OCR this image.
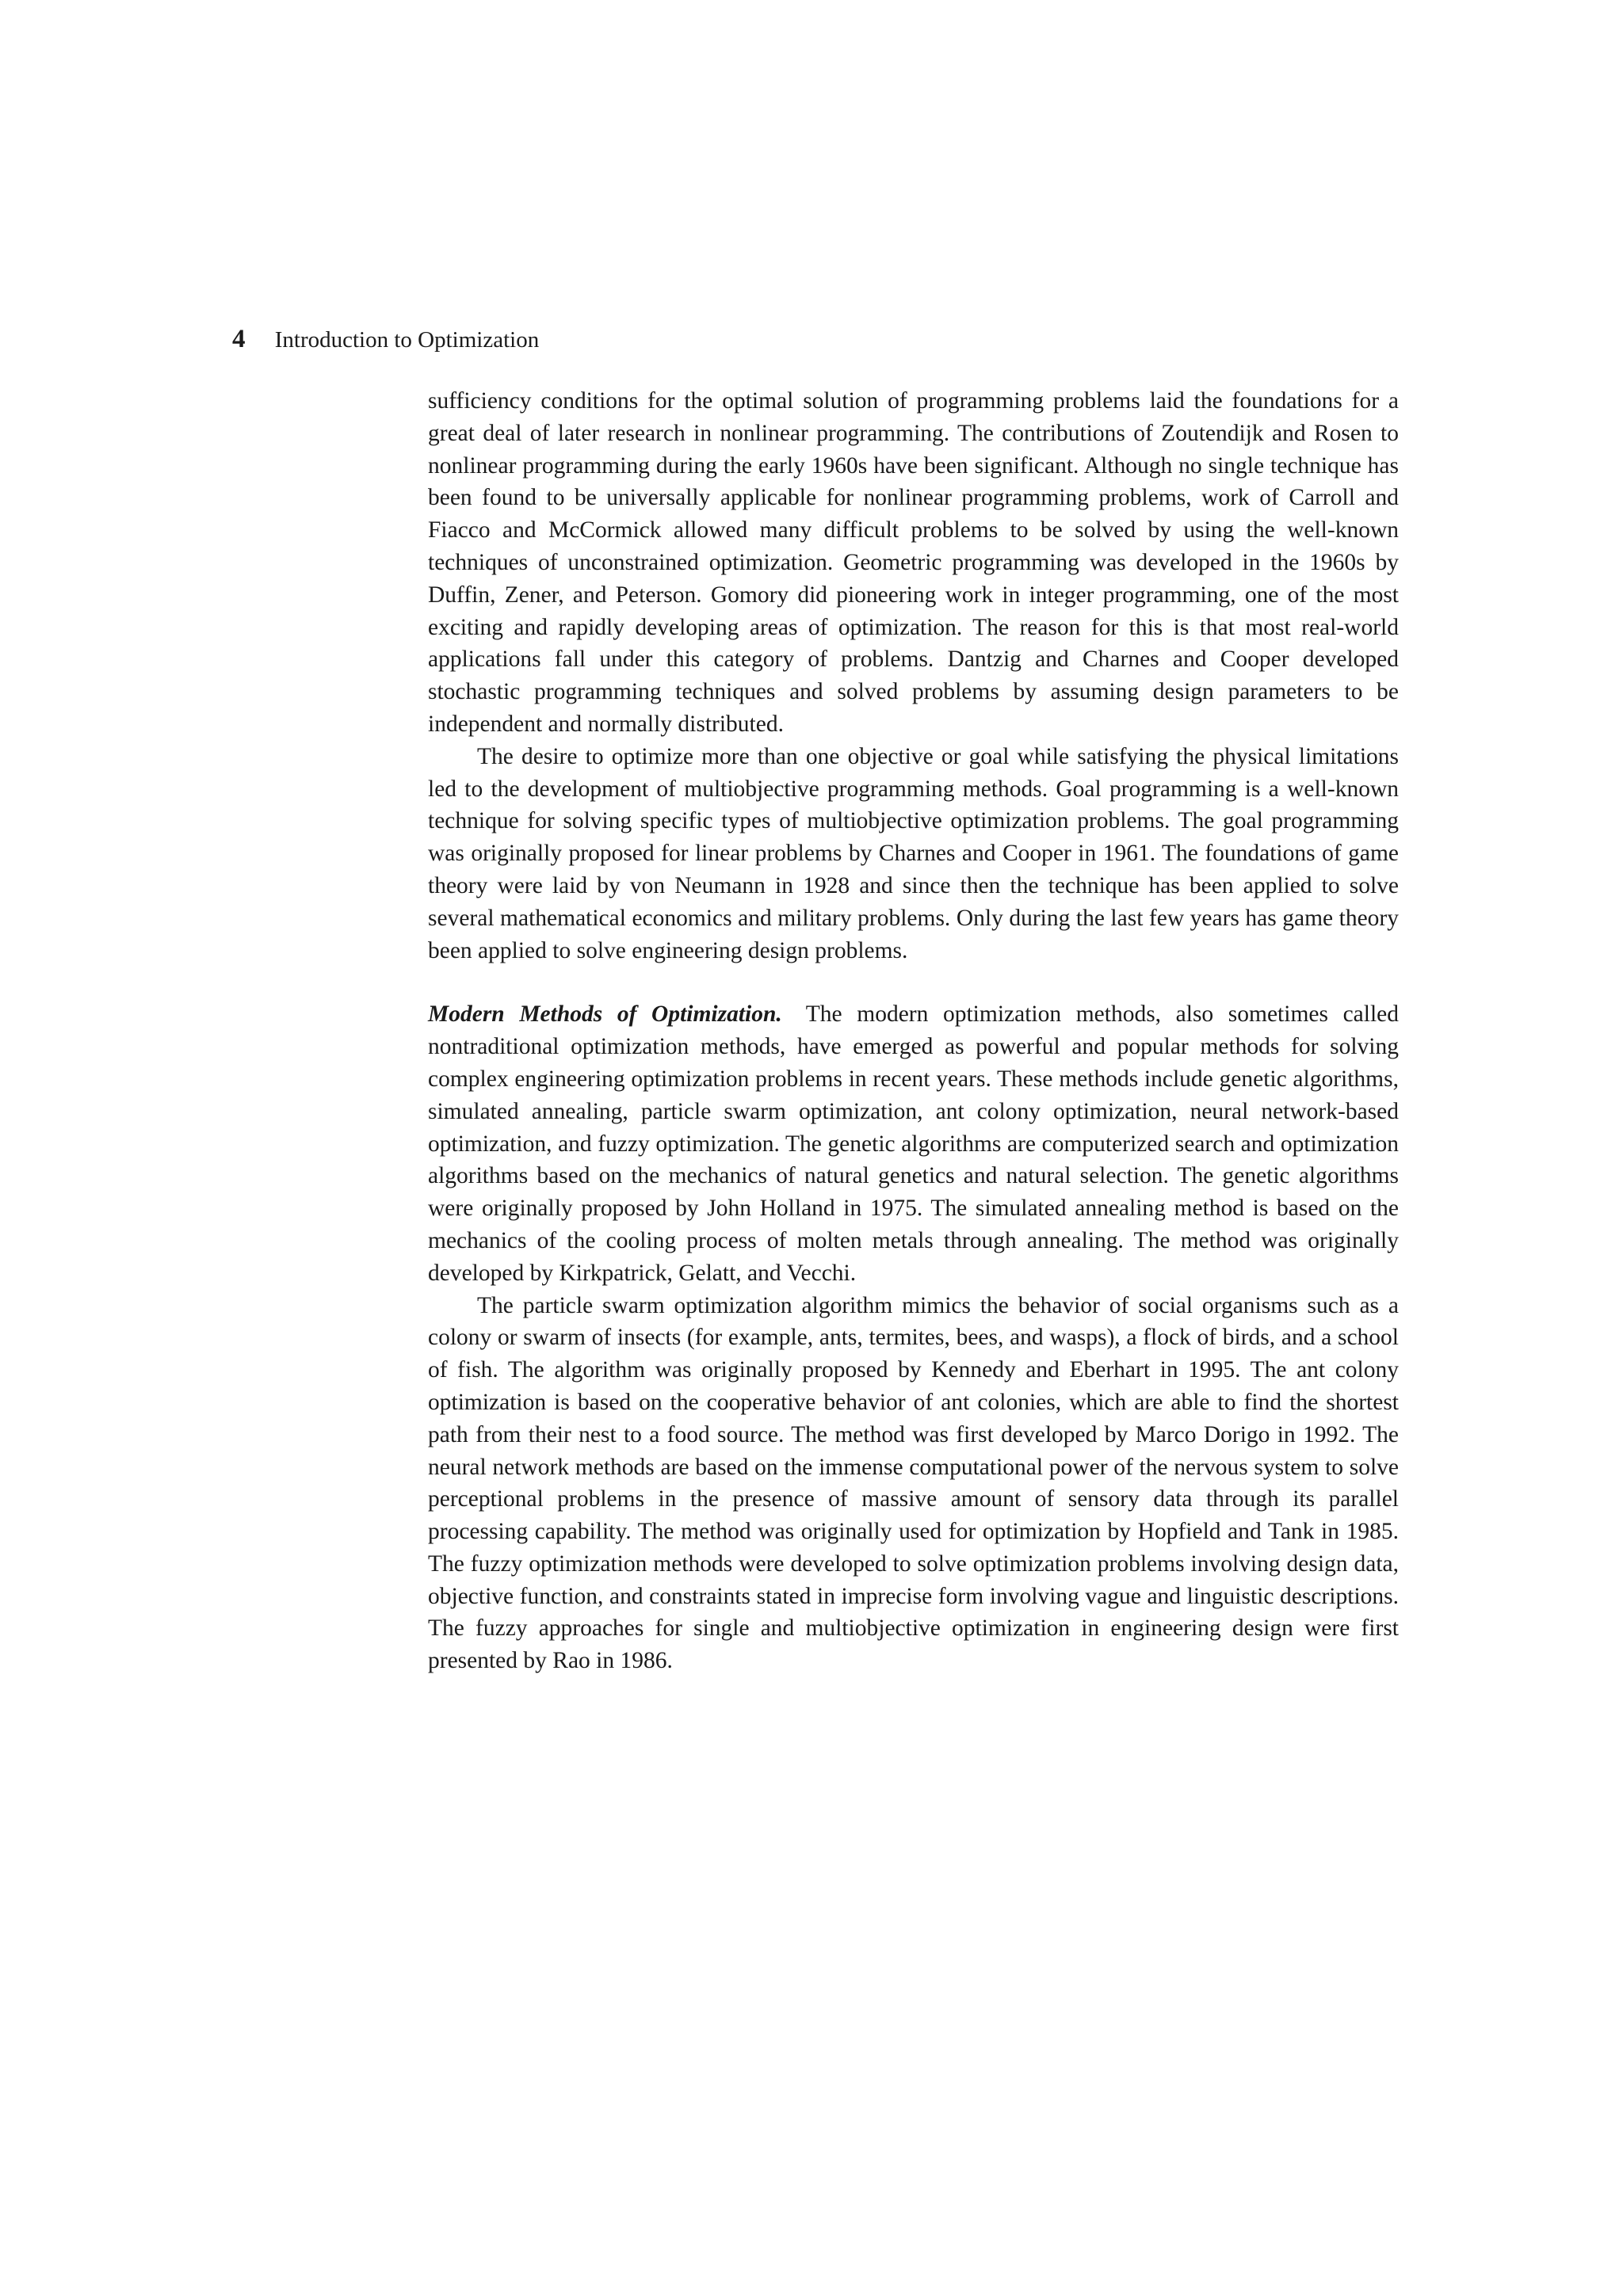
4 Introduction to Optimization

sufficiency conditions for the optimal solution of programming problems laid the foundations for a great deal of later research in nonlinear programming. The contributions of Zoutendijk and Rosen to nonlinear programming during the early 1960s have been significant. Although no single technique has been found to be universally applicable for nonlinear programming problems, work of Carroll and Fiacco and McCormick allowed many difficult problems to be solved by using the well-known techniques of unconstrained optimization. Geometric programming was developed in the 1960s by Duffin, Zener, and Peterson. Gomory did pioneering work in integer programming, one of the most exciting and rapidly developing areas of optimization. The reason for this is that most real-world applications fall under this category of problems. Dantzig and Charnes and Cooper developed stochastic programming techniques and solved problems by assuming design parameters to be independent and normally distributed.

The desire to optimize more than one objective or goal while satisfying the physical limitations led to the development of multiobjective programming methods. Goal programming is a well-known technique for solving specific types of multiobjective optimization problems. The goal programming was originally proposed for linear problems by Charnes and Cooper in 1961. The foundations of game theory were laid by von Neumann in 1928 and since then the technique has been applied to solve several mathematical economics and military problems. Only during the last few years has game theory been applied to solve engineering design problems.

Modern Methods of Optimization. The modern optimization methods, also sometimes called nontraditional optimization methods, have emerged as powerful and popular methods for solving complex engineering optimization problems in recent years. These methods include genetic algorithms, simulated annealing, particle swarm optimization, ant colony optimization, neural network-based optimization, and fuzzy optimization. The genetic algorithms are computerized search and optimization algorithms based on the mechanics of natural genetics and natural selection. The genetic algorithms were originally proposed by John Holland in 1975. The simulated annealing method is based on the mechanics of the cooling process of molten metals through annealing. The method was originally developed by Kirkpatrick, Gelatt, and Vecchi.

The particle swarm optimization algorithm mimics the behavior of social organisms such as a colony or swarm of insects (for example, ants, termites, bees, and wasps), a flock of birds, and a school of fish. The algorithm was originally proposed by Kennedy and Eberhart in 1995. The ant colony optimization is based on the cooperative behavior of ant colonies, which are able to find the shortest path from their nest to a food source. The method was first developed by Marco Dorigo in 1992. The neural network methods are based on the immense computational power of the nervous system to solve perceptional problems in the presence of massive amount of sensory data through its parallel processing capability. The method was originally used for optimization by Hopfield and Tank in 1985. The fuzzy optimization methods were developed to solve optimization problems involving design data, objective function, and constraints stated in imprecise form involving vague and linguistic descriptions. The fuzzy approaches for single and multiobjective optimization in engineering design were first presented by Rao in 1986.
